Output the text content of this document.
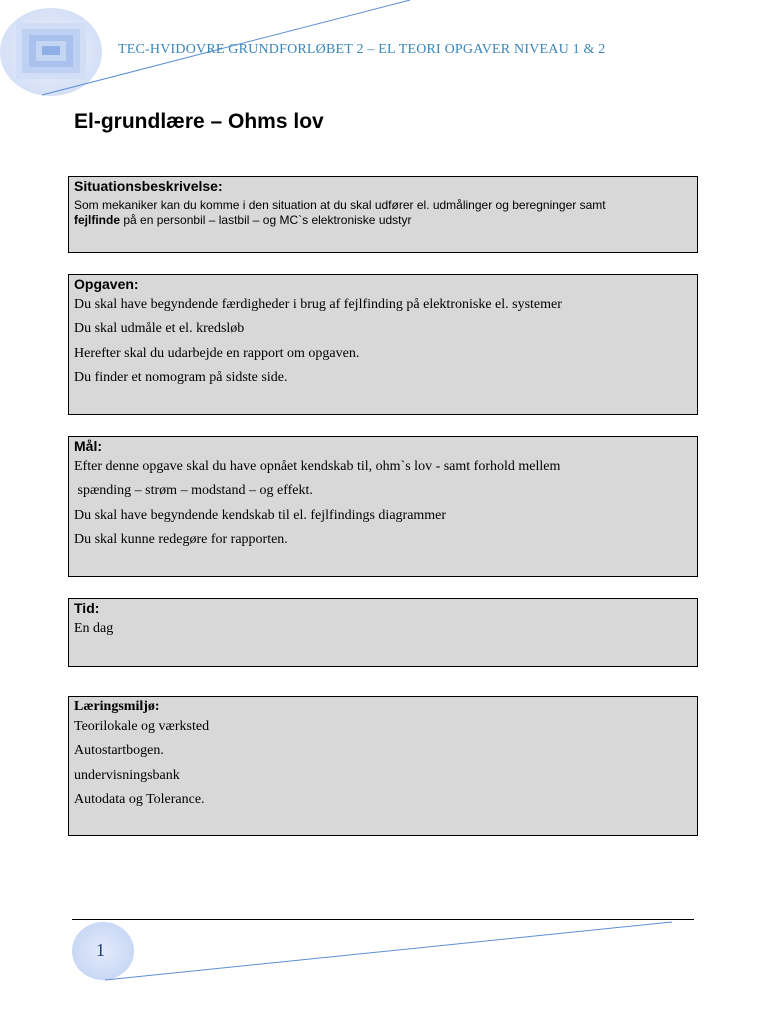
TEC-HVIDOVRE GRUNDFORLØBET 2 – EL TEORI OPGAVER NIVEAU 1 & 2
El-grundlære – Ohms lov
Situationsbeskrivelse:

Som mekaniker kan du komme i den situation at du skal udfører el. udmålinger og beregninger samt
fejlfinde på en personbil – lastbil – og MC`s elektroniske udstyr

Opgaven:

Du skal have begyndende færdigheder i brug af fejlfinding på elektroniske el. systemer

Du skal udmåle et el. kredsløb

Herefter skal du udarbejde en rapport om opgaven.

Du finder et nomogram på sidste side.

Mål:

Efter denne opgave skal du have opnået kendskab til, ohm`s lov - samt forhold mellem

spænding – strøm – modstand – og effekt.

Du skal have begyndende kendskab til el. fejlfindings diagrammer

Du skal kunne redegøre for rapporten.

Tid:

En dag

Læringsmiljø:

Teorilokale og værksted

Autostartbogen.

undervisningsbank

Autodata og Tolerance.

1
